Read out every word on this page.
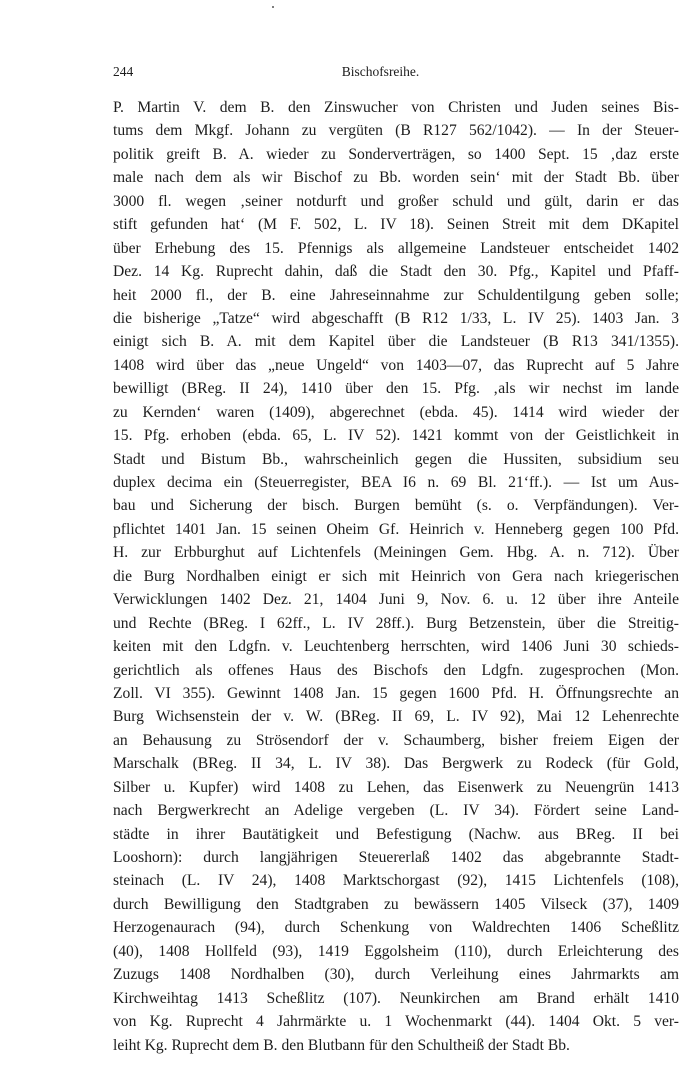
244	Bischofsreihe.
P. Martin V. dem B. den Zinswucher von Christen und Juden seines Bis-
tums dem Mkgf. Johann zu vergüten (B R127 562/1042). — In der Steuer-
politik greift B. A. wieder zu Sonderverträgen, so 1400 Sept. 15 ‚daz erste
male nach dem als wir Bischof zu Bb. worden sein‘ mit der Stadt Bb. über
3000 fl. wegen ‚seiner notdurft und großer schuld und gült, darin er das
stift gefunden hat‘ (M F. 502, L. IV 18). Seinen Streit mit dem DKapitel
über Erhebung des 15. Pfennigs als allgemeine Landsteuer entscheidet 1402
Dez. 14 Kg. Ruprecht dahin, daß die Stadt den 30. Pfg., Kapitel und Pfaff-
heit 2000 fl., der B. eine Jahreseinnahme zur Schuldentilgung geben solle;
die bisherige „Tatze“ wird abgeschafft (B R12 1/33, L. IV 25). 1403 Jan. 3
einigt sich B. A. mit dem Kapitel über die Landsteuer (B R13 341/1355).
1408 wird über das „neue Ungeld“ von 1403—07, das Ruprecht auf 5 Jahre
bewilligt (BReg. II 24), 1410 über den 15. Pfg. ‚als wir nechst im lande
zu Kernden‘ waren (1409), abgerechnet (ebda. 45). 1414 wird wieder der
15. Pfg. erhoben (ebda. 65, L. IV 52). 1421 kommt von der Geistlichkeit in
Stadt und Bistum Bb., wahrscheinlich gegen die Hussiten, subsidium seu
duplex decima ein (Steuerregister, BEA I6 n. 69 Bl. 21‘ff.). — Ist um Aus-
bau und Sicherung der bisch. Burgen bemüht (s. o. Verpfändungen). Ver-
pflichtet 1401 Jan. 15 seinen Oheim Gf. Heinrich v. Henneberg gegen 100 Pfd.
H. zur Erbburghut auf Lichtenfels (Meiningen Gem. Hbg. A. n. 712). Über
die Burg Nordhalben einigt er sich mit Heinrich von Gera nach kriegerischen
Verwicklungen 1402 Dez. 21, 1404 Juni 9, Nov. 6. u. 12 über ihre Anteile
und Rechte (BReg. I 62ff., L. IV 28ff.). Burg Betzenstein, über die Streitig-
keiten mit den Ldgfn. v. Leuchtenberg herrschten, wird 1406 Juni 30 schieds-
gerichtlich als offenes Haus des Bischofs den Ldgfn. zugesprochen (Mon.
Zoll. VI 355). Gewinnt 1408 Jan. 15 gegen 1600 Pfd. H. Öffnungsrechte an
Burg Wichsenstein der v. W. (BReg. II 69, L. IV 92), Mai 12 Lehenrechte
an Behausung zu Strösendorf der v. Schaumberg, bisher freiem Eigen der
Marschalk (BReg. II 34, L. IV 38). Das Bergwerk zu Rodeck (für Gold,
Silber u. Kupfer) wird 1408 zu Lehen, das Eisenwerk zu Neuengrün 1413
nach Bergwerkrecht an Adelige vergeben (L. IV 34). Fördert seine Land-
städte in ihrer Bautätigkeit und Befestigung (Nachw. aus BReg. II bei
Looshorn): durch langjährigen Steuererlaß 1402 das abgebrannte Stadt-
steinach (L. IV 24), 1408 Marktschorgast (92), 1415 Lichtenfels (108),
durch Bewilligung den Stadtgraben zu bewässern 1405 Vilseck (37), 1409
Herzogenaurach (94), durch Schenkung von Waldrechten 1406 Scheßlitz
(40), 1408 Hollfeld (93), 1419 Eggolsheim (110), durch Erleichterung des
Zuzugs 1408 Nordhalben (30), durch Verleihung eines Jahrmarkts am
Kirchweihtag 1413 Scheßlitz (107). Neunkirchen am Brand erhält 1410
von Kg. Ruprecht 4 Jahrmärkte u. 1 Wochenmarkt (44). 1404 Okt. 5 ver-
leiht Kg. Ruprecht dem B. den Blutbann für den Schultheiß der Stadt Bb.
